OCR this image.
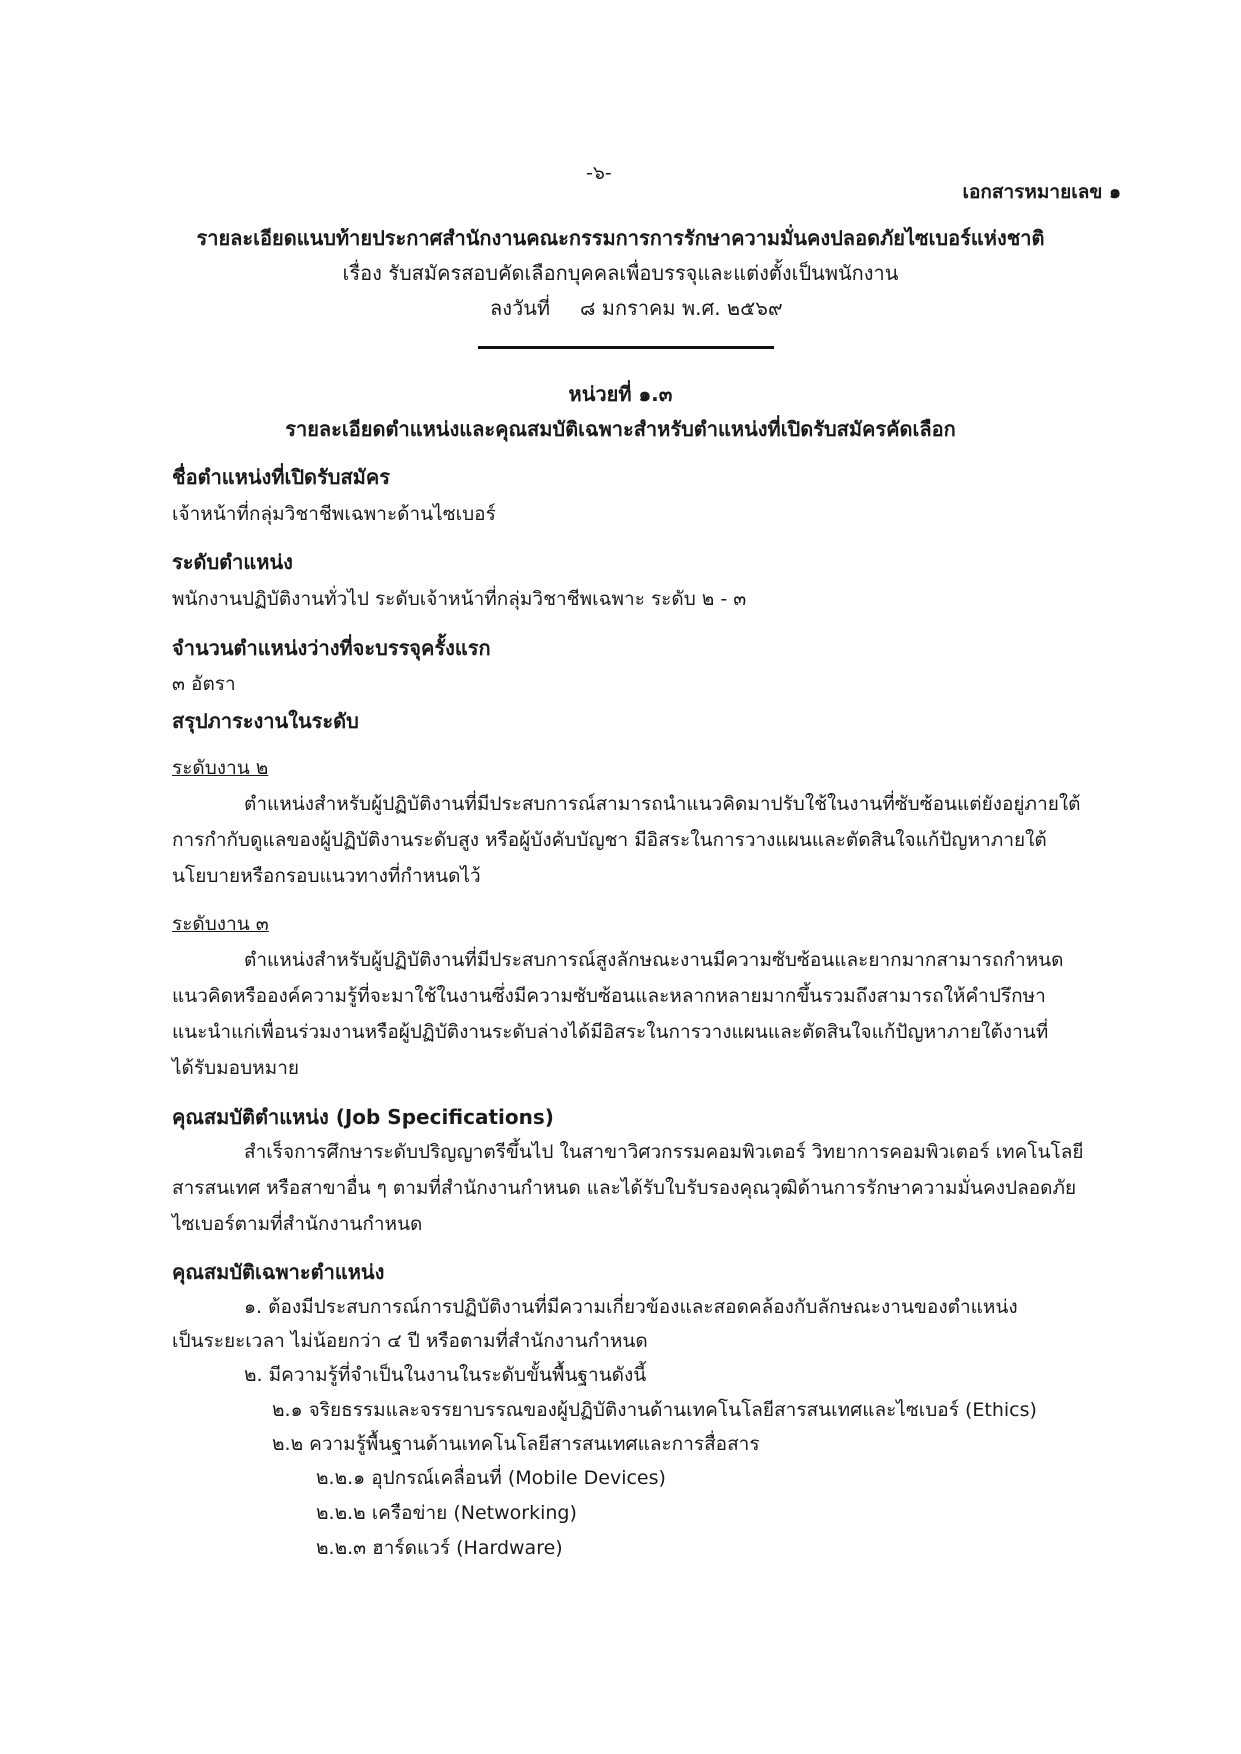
-๖-
เอกสารหมายเลข ๑
รายละเอียดแนบท้ายประกาศสำนักงานคณะกรรมการการรักษาความมั่นคงปลอดภัยไซเบอร์แห่งชาติ
เรื่อง รับสมัครสอบคัดเลือกบุคคลเพื่อบรรจุและแต่งตั้งเป็นพนักงาน
ลงวันที่ ๘ มกราคม พ.ศ. ๒๕๖๙
หน่วยที่ ๑.๓
รายละเอียดตำแหน่งและคุณสมบัติเฉพาะสำหรับตำแหน่งที่เปิดรับสมัครคัดเลือก
ชื่อตำแหน่งที่เปิดรับสมัคร
เจ้าหน้าที่กลุ่มวิชาชีพเฉพาะด้านไซเบอร์
ระดับตำแหน่ง
พนักงานปฏิบัติงานทั่วไป ระดับเจ้าหน้าที่กลุ่มวิชาชีพเฉพาะ ระดับ ๒ - ๓
จำนวนตำแหน่งว่างที่จะบรรจุครั้งแรก
๓ อัตรา
สรุปภาระงานในระดับ
ระดับงาน ๒
ตำแหน่งสำหรับผู้ปฏิบัติงานที่มีประสบการณ์สามารถนำแนวคิดมาปรับใช้ในงานที่ซับซ้อนแต่ยังอยู่ภายใต้
การกำกับดูแลของผู้ปฏิบัติงานระดับสูง หรือผู้บังคับบัญชา มีอิสระในการวางแผนและตัดสินใจแก้ปัญหาภายใต้
นโยบายหรือกรอบแนวทางที่กำหนดไว้
ระดับงาน ๓
ตำแหน่งสำหรับผู้ปฏิบัติงานที่มีประสบการณ์สูงลักษณะงานมีความซับซ้อนและยากมากสามารถกำหนด
แนวคิดหรือองค์ความรู้ที่จะมาใช้ในงานซึ่งมีความซับซ้อนและหลากหลายมากขึ้นรวมถึงสามารถให้คำปรึกษา
แนะนำแก่เพื่อนร่วมงานหรือผู้ปฏิบัติงานระดับล่างได้มีอิสระในการวางแผนและตัดสินใจแก้ปัญหาภายใต้งานที่
ได้รับมอบหมาย
คุณสมบัติตำแหน่ง (Job Specifications)
สำเร็จการศึกษาระดับปริญญาตรีขึ้นไป ในสาขาวิศวกรรมคอมพิวเตอร์ วิทยาการคอมพิวเตอร์ เทคโนโลยี
สารสนเทศ หรือสาขาอื่น ๆ ตามที่สำนักงานกำหนด และได้รับใบรับรองคุณวุฒิด้านการรักษาความมั่นคงปลอดภัย
ไซเบอร์ตามที่สำนักงานกำหนด
คุณสมบัติเฉพาะตำแหน่ง
๑. ต้องมีประสบการณ์การปฏิบัติงานที่มีความเกี่ยวข้องและสอดคล้องกับลักษณะงานของตำแหน่ง
เป็นระยะเวลา ไม่น้อยกว่า ๔ ปี หรือตามที่สำนักงานกำหนด
๒. มีความรู้ที่จำเป็นในงานในระดับขั้นพื้นฐานดังนี้
๒.๑ จริยธรรมและจรรยาบรรณของผู้ปฏิบัติงานด้านเทคโนโลยีสารสนเทศและไซเบอร์ (Ethics)
๒.๒ ความรู้พื้นฐานด้านเทคโนโลยีสารสนเทศและการสื่อสาร
๒.๒.๑ อุปกรณ์เคลื่อนที่ (Mobile Devices)
๒.๒.๒ เครือข่าย (Networking)
๒.๒.๓ ฮาร์ดแวร์ (Hardware)
